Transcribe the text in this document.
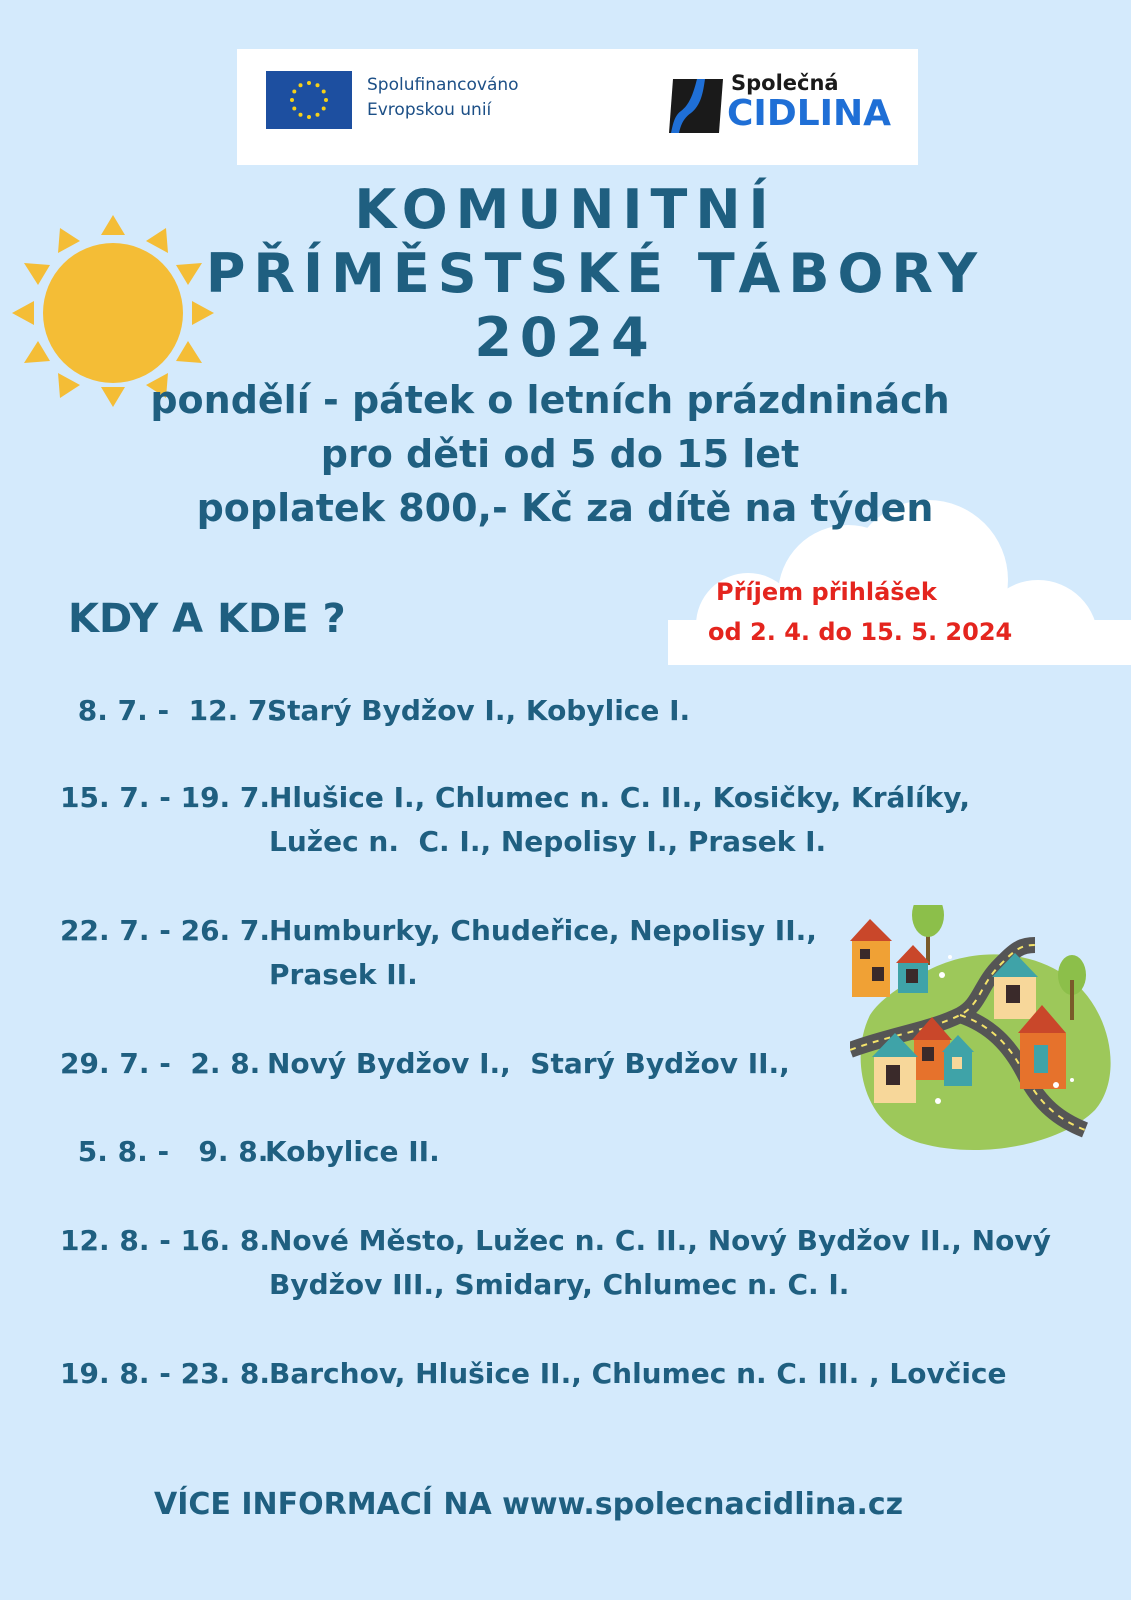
Spolufinancováno
Evropskou unií
Společná
CIDLINA
KOMUNITNÍ
PŘÍMĚSTSKÉ TÁBORY
2024
pondělí - pátek o letních prázdninách
pro děti od 5 do 15 let
poplatek 800,- Kč za dítě na týden
KDY A KDE ?
Příjem přihlášek
od 2. 4. do 15. 5. 2024
8. 7. -  12. 7.
Starý Bydžov I., Kobylice I.
15. 7. - 19. 7.
Hlušice I., Chlumec n. C. II., Kosičky, Králíky,
Lužec n.  C. I., Nepolisy I., Prasek I.
22. 7. - 26. 7.
Humburky, Chudeřice, Nepolisy II.,
Prasek II.
29. 7. -  2. 8. Nový Bydžov I.,  Starý Bydžov II.,
5. 8. -   9. 8.
Kobylice II.
12. 8. - 16. 8.
Nové Město, Lužec n. C. II., Nový Bydžov II., Nový
Bydžov III., Smidary, Chlumec n. C. I.
19. 8. - 23. 8.
Barchov, Hlušice II., Chlumec n. C. III. , Lovčice
VÍCE INFORMACÍ NA www.spolecnacidlina.cz
